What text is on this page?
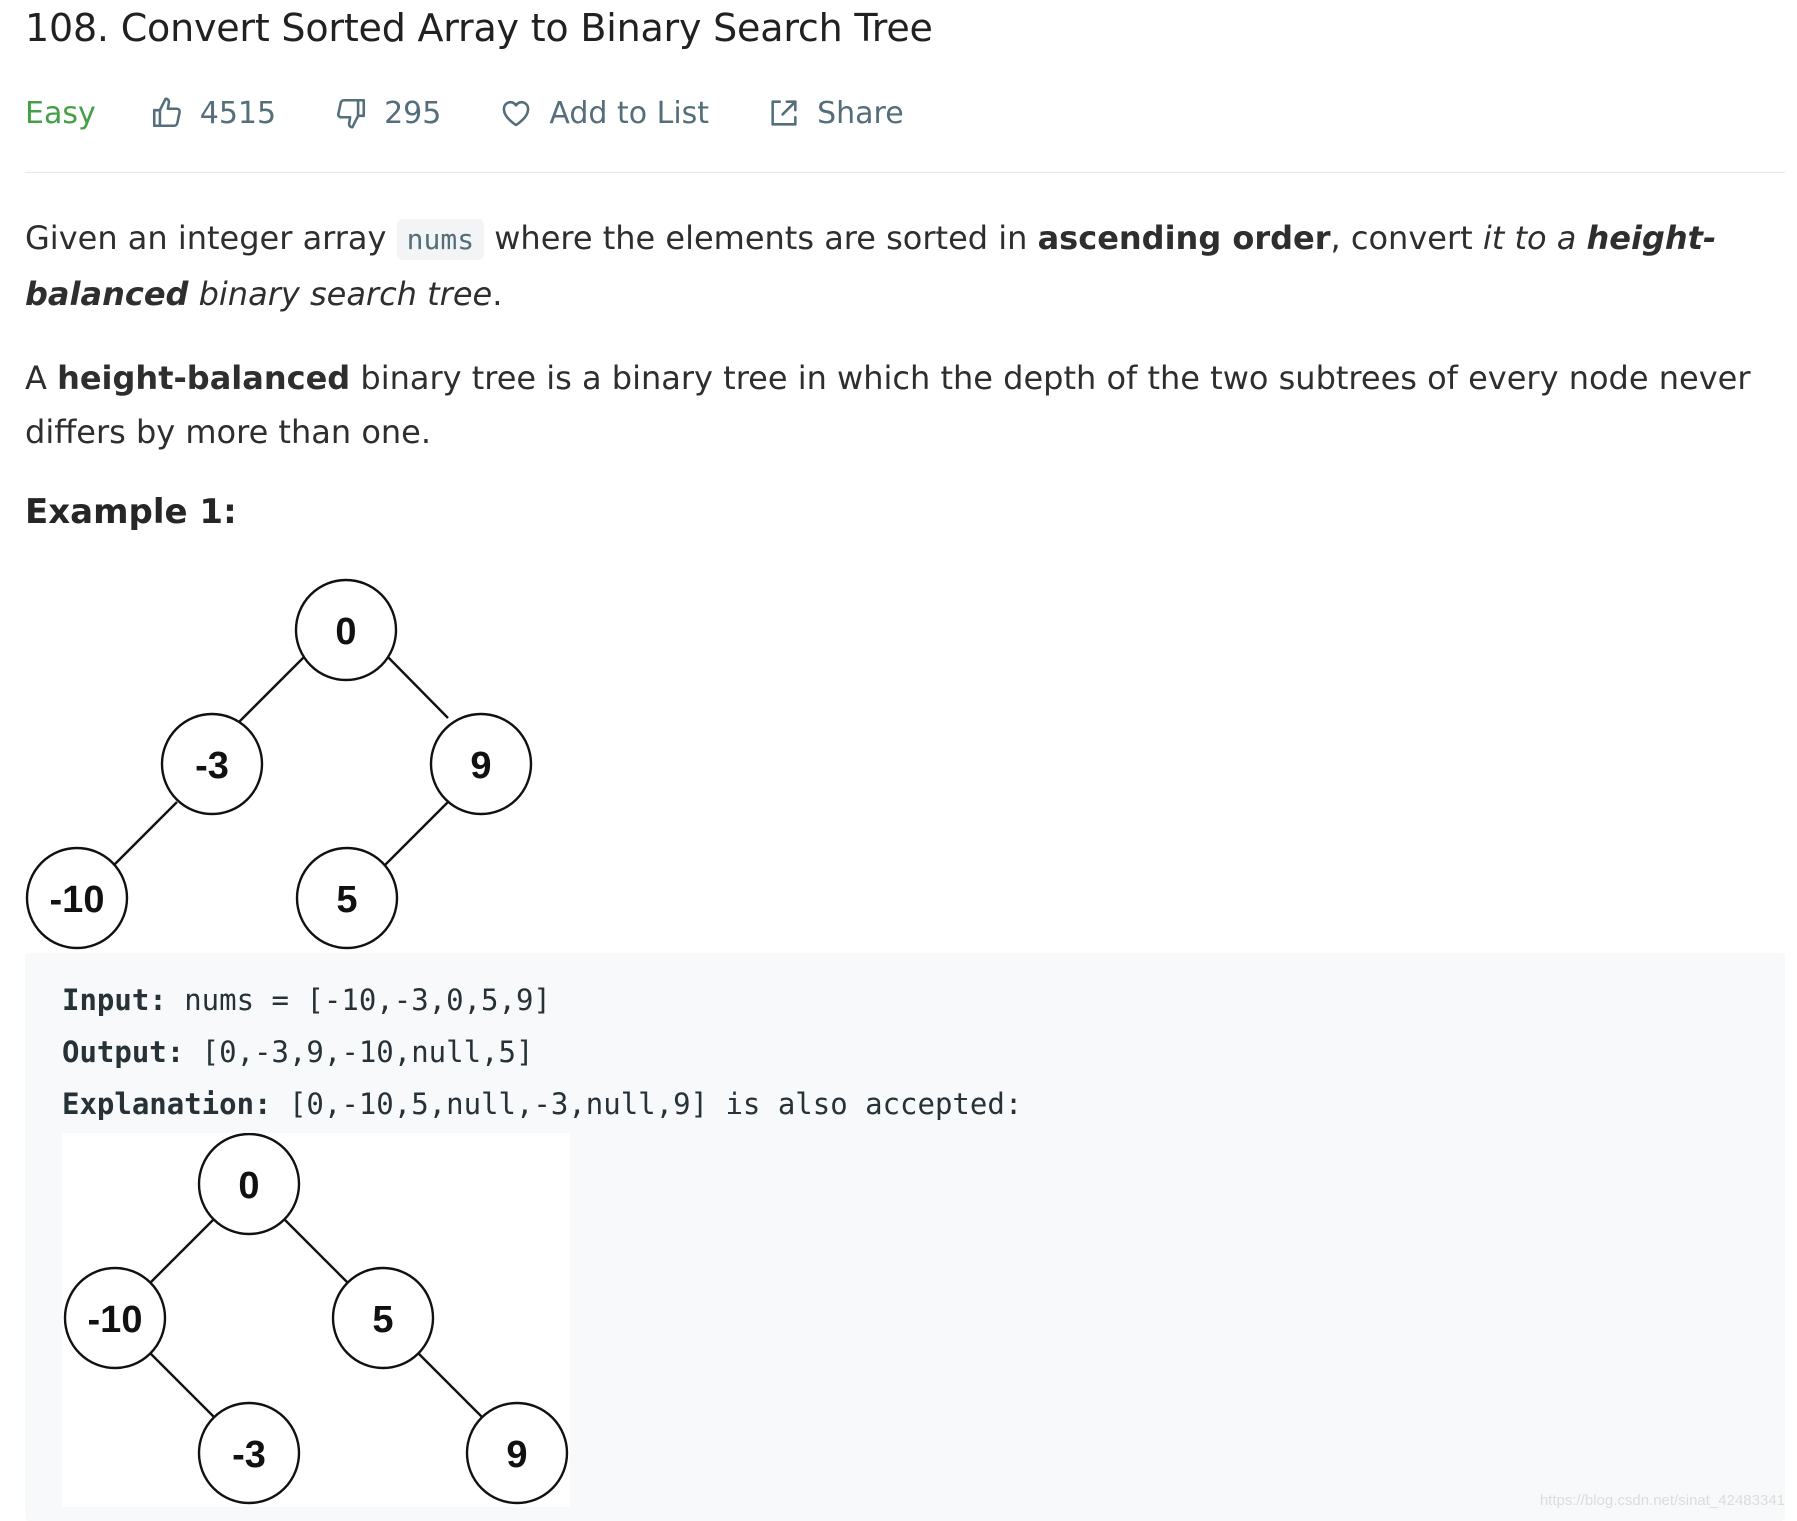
108. Convert Sorted Array to Binary Search Tree
Easy	4515	295	Add to List	Share

Given an integer array nums where the elements are sorted in ascending order, convert it to a height-balanced binary search tree.

A height-balanced binary tree is a binary tree in which the depth of the two subtrees of every node never differs by more than one.

Example 1:
0
-3	9
-10	5
Input: nums = [-10,-3,0,5,9]
Output: [0,-3,9,-10,null,5]
Explanation: [0,-10,5,null,-3,null,9] is also accepted:
0
-10	5
-3	9
https://blog.csdn.net/sinat_42483341
